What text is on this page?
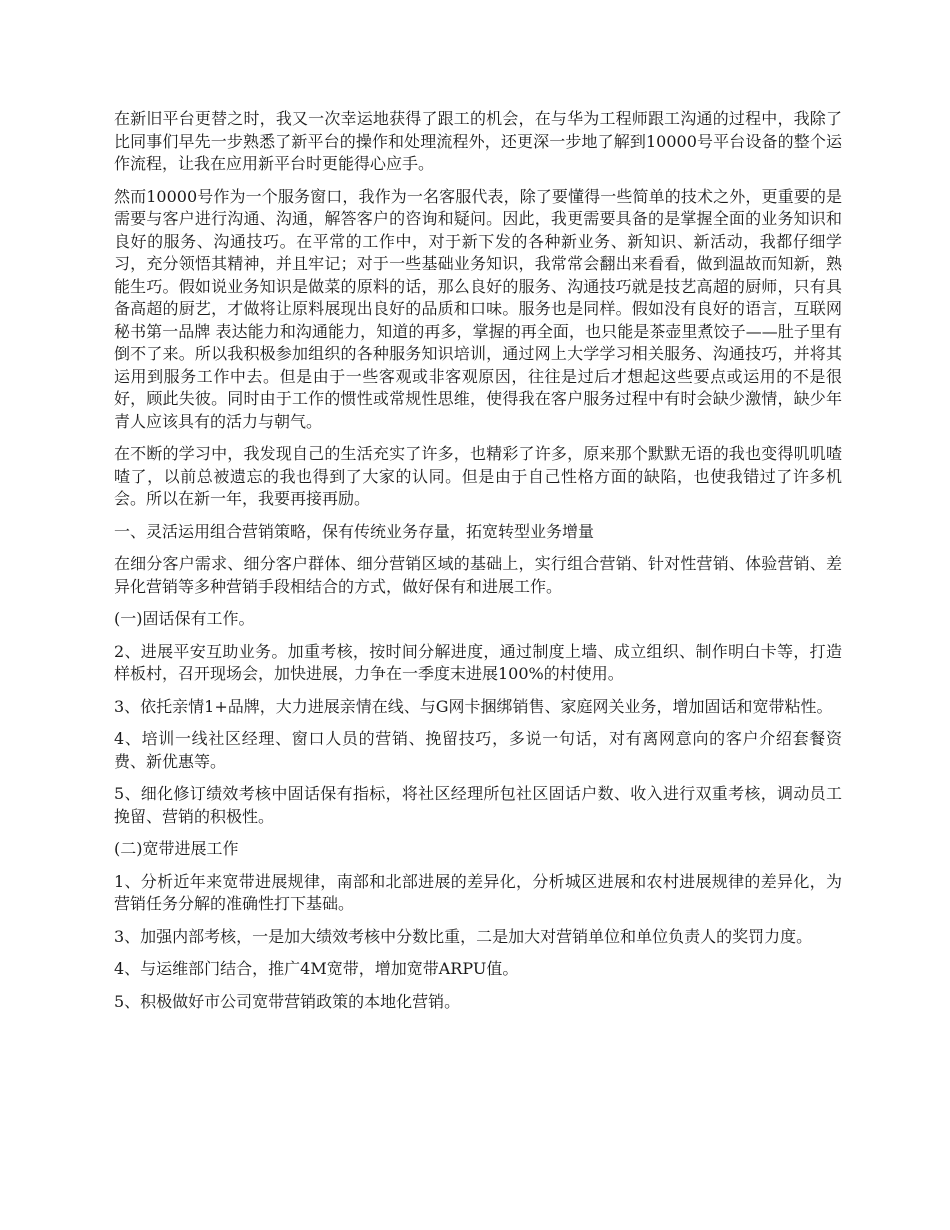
在新旧平台更替之时，我又一次幸运地获得了跟工的机会，在与华为工程师跟工沟通的过程中，我除了比同事们早先一步熟悉了新平台的操作和处理流程外，还更深一步地了解到10000号平台设备的整个运作流程，让我在应用新平台时更能得心应手。

然而10000号作为一个服务窗口，我作为一名客服代表，除了要懂得一些简单的技术之外，更重要的是需要与客户进行沟通、沟通，解答客户的咨询和疑问。因此，我更需要具备的是掌握全面的业务知识和良好的服务、沟通技巧。在平常的工作中，对于新下发的各种新业务、新知识、新活动，我都仔细学习，充分领悟其精神，并且牢记；对于一些基础业务知识，我常常会翻出来看看，做到温故而知新，熟能生巧。假如说业务知识是做菜的原料的话，那么良好的服务、沟通技巧就是技艺高超的厨师，只有具备高超的厨艺，才做将让原料展现出良好的品质和口味。服务也是同样。假如没有良好的语言，互联网秘书第一品牌 表达能力和沟通能力，知道的再多，掌握的再全面，也只能是茶壶里煮饺子——肚子里有倒不了来。所以我积极参加组织的各种服务知识培训，通过网上大学学习相关服务、沟通技巧，并将其运用到服务工作中去。但是由于一些客观或非客观原因，往往是过后才想起这些要点或运用的不是很好，顾此失彼。同时由于工作的惯性或常规性思维，使得我在客户服务过程中有时会缺少激情，缺少年青人应该具有的活力与朝气。

在不断的学习中，我发现自己的生活充实了许多，也精彩了许多，原来那个默默无语的我也变得叽叽喳喳了，以前总被遗忘的我也得到了大家的认同。但是由于自己性格方面的缺陷，也使我错过了许多机会。所以在新一年，我要再接再励。

一、灵活运用组合营销策略，保有传统业务存量，拓宽转型业务增量

在细分客户需求、细分客户群体、细分营销区域的基础上，实行组合营销、针对性营销、体验营销、差异化营销等多种营销手段相结合的方式，做好保有和进展工作。

(一)固话保有工作。

2、进展平安互助业务。加重考核，按时间分解进度，通过制度上墙、成立组织、制作明白卡等，打造样板村，召开现场会，加快进展，力争在一季度末进展100%的村使用。

3、依托亲情1+品牌，大力进展亲情在线、与G网卡捆绑销售、家庭网关业务，增加固话和宽带粘性。

4、培训一线社区经理、窗口人员的营销、挽留技巧，多说一句话，对有离网意向的客户介绍套餐资费、新优惠等。

5、细化修订绩效考核中固话保有指标，将社区经理所包社区固话户数、收入进行双重考核，调动员工挽留、营销的积极性。

(二)宽带进展工作

1、分析近年来宽带进展规律，南部和北部进展的差异化，分析城区进展和农村进展规律的差异化，为营销任务分解的准确性打下基础。

3、加强内部考核，一是加大绩效考核中分数比重，二是加大对营销单位和单位负责人的奖罚力度。

4、与运维部门结合，推广4M宽带，增加宽带ARPU值。

5、积极做好市公司宽带营销政策的本地化营销。
